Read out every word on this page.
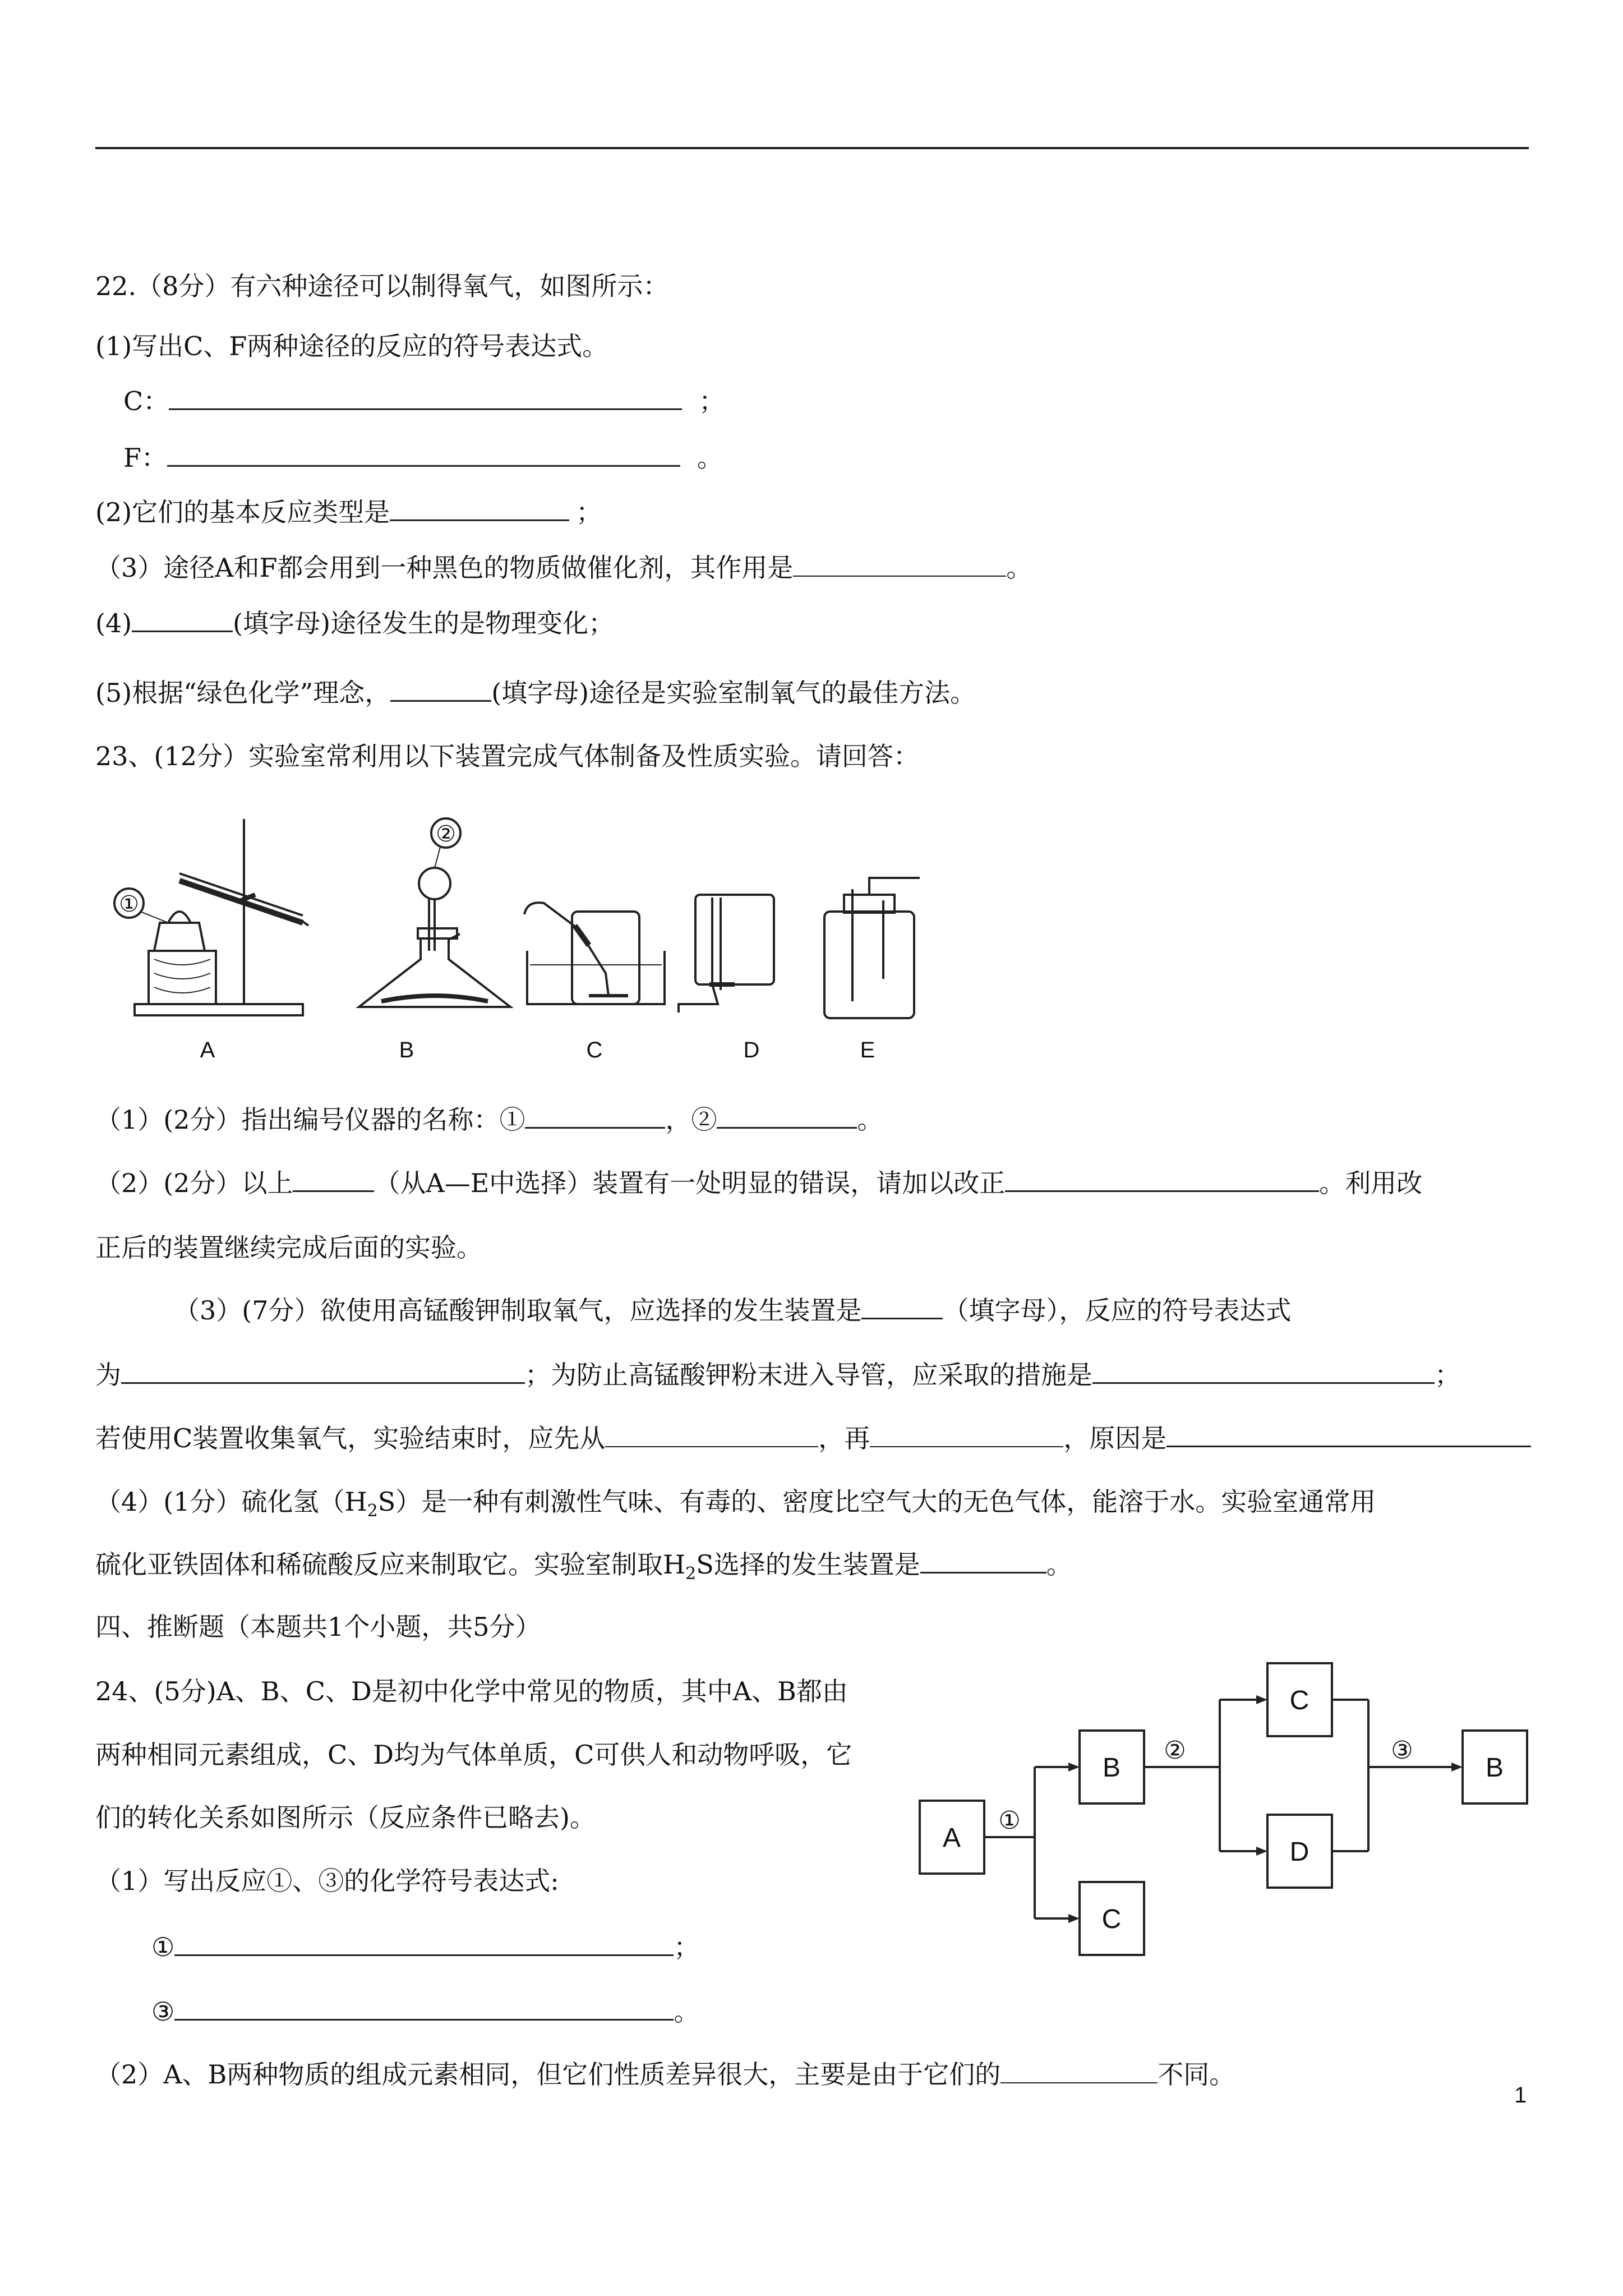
22.（8分）有六种途径可以制得氧气，如图所示：
(1)写出C、F两种途径的反应的符号表达式。
C：	；
F：	。
(2)它们的基本反应类型是	；
（3）途径A和F都会用到一种黑色的物质做催化剂，其作用是	。
(4)	(填字母)途径发生的是物理变化；
(5)根据“绿色化学”理念，	(填字母)途径是实验室制氧气的最佳方法。
23、(12分）实验室常利用以下装置完成气体制备及性质实验。请回答：
①
②
A	B	C	D	E
（1）(2分）指出编号仪器的名称：①	，②	。
（2）(2分）以上	（从A—E中选择）装置有一处明显的错误，请加以改正	。利用改
正后的装置继续完成后面的实验。
（3）(7分）欲使用高锰酸钾制取氧气，应选择的发生装置是	（填字母），反应的符号表达式
为	；为防止高锰酸钾粉末进入导管，应采取的措施是	；
若使用C装置收集氧气，实验结束时，应先从	，再	，原因是
（4）(1分）硫化氢$(H_2S)$是一种有刺激性气味、有毒的、密度比空气大的无色气体，能溶于水。实验室通常用
硫化亚铁固体和稀硫酸反应来制取它。实验室制取$H_2S$选择的发生装置是	。
四、推断题（本题共1个小题，共5分）
24、(5分)A、B、C、D是初中化学中常见的物质，其中A、B都由
两种相同元素组成，C、D均为气体单质，C可供人和动物呼吸，它
们的转化关系如图所示（反应条件已略去)。
（1）写出反应①、③的化学符号表达式:
①	；
③	。
（2）A、B两种物质的组成元素相同，但它们性质差异很大，主要是由于它们的	不同。
A
B
C
C
D
B
①
②	③
1
